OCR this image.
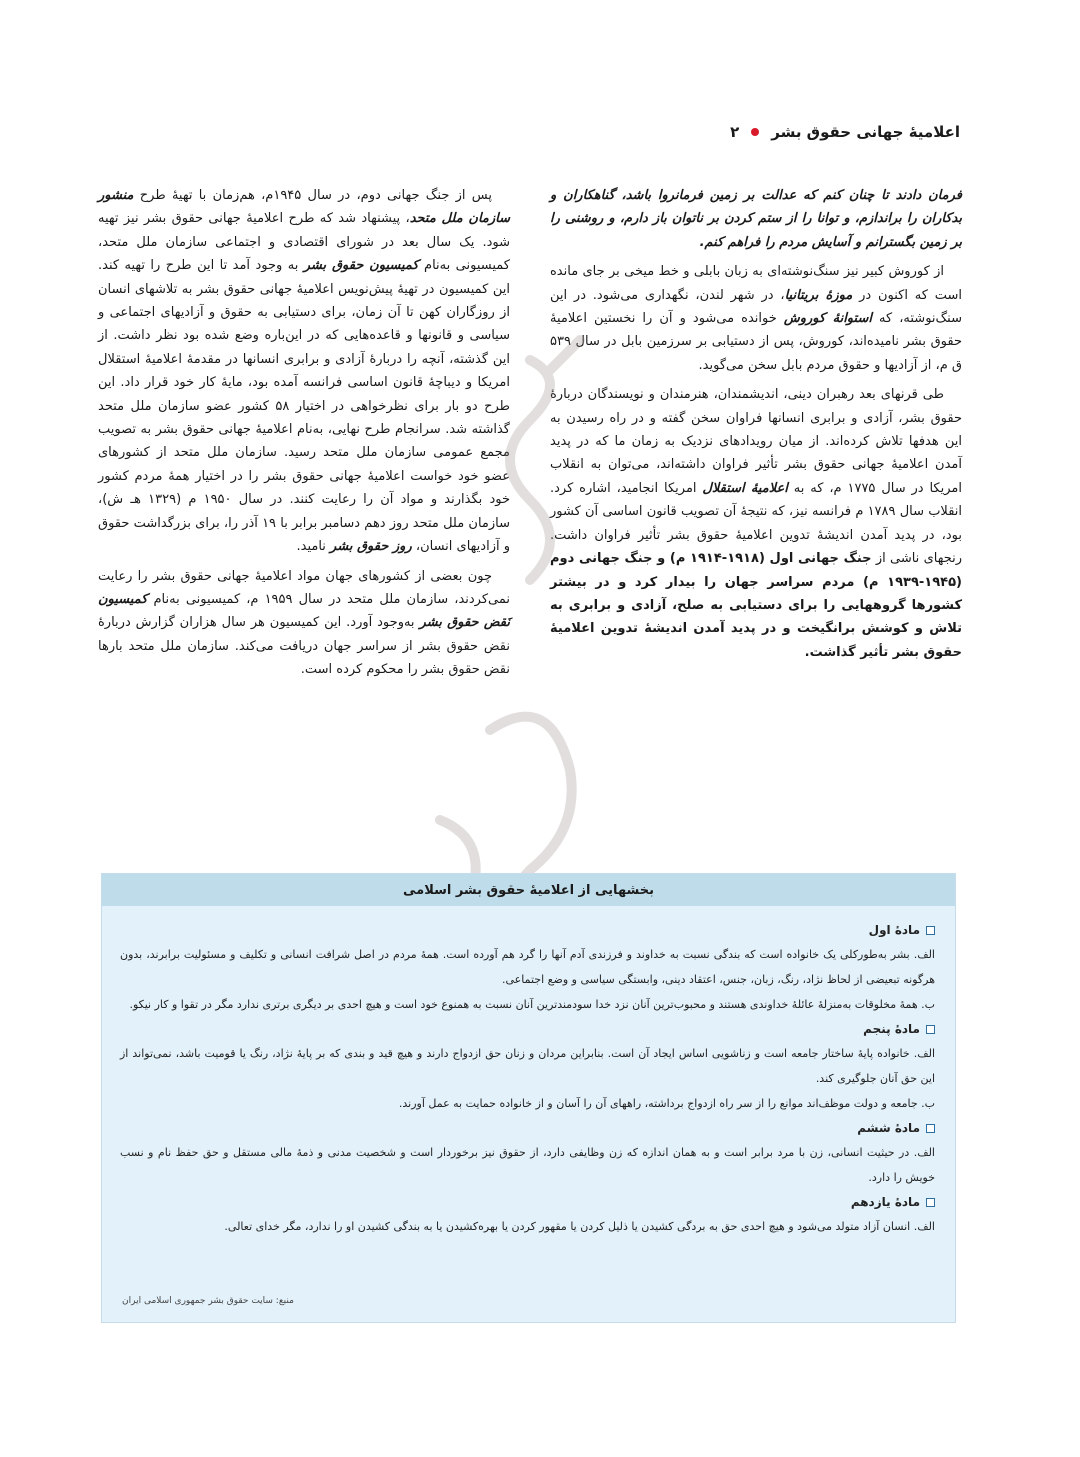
۲ اعلامیهٔ جهانی حقوق بشر

فرمان دادند تا چنان کنم که عدالت بر زمین فرمانروا باشد، گناهکاران و بدکاران را براندازم، و توانا را از ستم کردن بر ناتوان باز دارم، و روشنی را بر زمین بگسترانم و آسایش مردم را فراهم کنم.

از کوروش کبیر نیز سنگ‌نوشته‌ای به زبان بابلی و خط میخی بر جای مانده است که اکنون در موزهٔ بریتانیا، در شهر لندن، نگهداری می‌شود. در این سنگ‌نوشته، که استوانهٔ کوروش خوانده می‌شود و آن را نخستین اعلامیهٔ حقوق بشر نامیده‌اند، کوروش، پس از دستیابی بر سرزمین بابل در سال ۵۳۹ ق م، از آزادیها و حقوق مردم بابل سخن می‌گوید.

طی قرنهای بعد رهبران دینی، اندیشمندان، هنرمندان و نویسندگان دربارهٔ حقوق بشر، آزادی و برابری انسانها فراوان سخن گفته و در راه رسیدن به این هدفها تلاش کرده‌اند. از میان رویدادهای نزدیک به زمان ما که در پدید آمدن اعلامیهٔ جهانی حقوق بشر تأثیر فراوان داشته‌اند، می‌توان به انقلاب امریکا در سال ۱۷۷۵ م، که به اعلامیهٔ استقلال امریکا انجامید، اشاره کرد. انقلاب سال ۱۷۸۹ م فرانسه نیز، که نتیجهٔ آن تصویب قانون اساسی آن کشور بود، در پدید آمدن اندیشهٔ تدوین اعلامیهٔ حقوق بشر تأثیر فراوان داشت. رنجهای ناشی از جنگ جهانی اول (۱۹۱۸-۱۹۱۴ م) و جنگ جهانی دوم (۱۹۴۵-۱۹۳۹ م) مردم سراسر جهان را بیدار کرد و در بیشتر کشورها گروههایی را برای دستیابی به صلح، آزادی و برابری به تلاش و کوشش برانگیخت و در پدید آمدن اندیشهٔ تدوین اعلامیهٔ حقوق بشر تأثیر گذاشت.

پس از جنگ جهانی دوم، در سال ۱۹۴۵م، هم‌زمان با تهیهٔ طرح منشور سازمان ملل متحد، پیشنهاد شد که طرح اعلامیهٔ جهانی حقوق بشر نیز تهیه شود. یک سال بعد در شورای اقتصادی و اجتماعی سازمان ملل متحد، کمیسیونی به‌نام کمیسیون حقوق بشر به وجود آمد تا این طرح را تهیه کند. این کمیسیون در تهیهٔ پیش‌نویس اعلامیهٔ جهانی حقوق بشر به تلاشهای انسان از روزگاران کهن تا آن زمان، برای دستیابی به حقوق و آزادیهای اجتماعی و سیاسی و قانونها و قاعده‌هایی که در این‌باره وضع شده بود نظر داشت. از این گذشته، آنچه را دربارهٔ آزادی و برابری انسانها در مقدمهٔ اعلامیهٔ استقلال امریکا و دیباچهٔ قانون اساسی فرانسه آمده بود، مایهٔ کار خود قرار داد. این طرح دو بار برای نظرخواهی در اختیار ۵۸ کشور عضو سازمان ملل متحد گذاشته شد. سرانجام طرح نهایی، به‌نام اعلامیهٔ جهانی حقوق بشر به تصویب مجمع عمومی سازمان ملل متحد رسید. سازمان ملل متحد از کشورهای عضو خود خواست اعلامیهٔ جهانی حقوق بشر را در اختیار همهٔ مردم کشور خود بگذارند و مواد آن را رعایت کنند. در سال ۱۹۵۰ م (۱۳۲۹ هـ ش)، سازمان ملل متحد روز دهم دسامبر برابر با ۱۹ آذر را، برای بزرگداشت حقوق و آزادیهای انسان، روز حقوق بشر نامید.

چون بعضی از کشورهای جهان مواد اعلامیهٔ جهانی حقوق بشر را رعایت نمی‌کردند، سازمان ملل متحد در سال ۱۹۵۹ م، کمیسیونی به‌نام کمیسیون نَقض حقوق بشر به‌وجود آورد. این کمیسیون هر سال هزاران گزارش دربارهٔ نقض حقوق بشر از سراسر جهان دریافت می‌کند. سازمان ملل متحد بارها نقض حقوق بشر را محکوم کرده است.

بخشهایی از اعلامیهٔ حقوق بشر اسلامی
مادهٔ اول

الف. بشر به‌طورکلی یک خانواده است که بندگی نسبت به خداوند و فرزندی آدم آنها را گرد هم آورده است. همهٔ مردم در اصل شرافت انسانی و تکلیف و مسئولیت برابرند، بدون هرگونه تبعیضی از لحاظ نژاد، رنگ، زبان، جنس، اعتقاد دینی، وابستگی سیاسی و وضع اجتماعی.

ب. همهٔ مخلوقات به‌منزلهٔ عائلهٔ خداوندی هستند و محبوب‌ترین آنان نزد خدا سودمندترین آنان نسبت به همنوع خود است و هیچ احدی بر دیگری برتری ندارد مگر در تقوا و کار نیکو.

مادهٔ پنجم

الف. خانواده پایهٔ ساختار جامعه است و زناشویی اساس ایجاد آن است. بنابراین مردان و زنان حق ازدواج دارند و هیچ قید و بندی که بر پایهٔ نژاد، رنگ یا قومیت باشد، نمی‌تواند از این حق آنان جلوگیری کند.

ب. جامعه و دولت موظف‌اند موانع را از سر راه ازدواج برداشته، راههای آن را آسان و از خانواده حمایت به عمل آورند.

مادهٔ ششم

الف. در حیثیت انسانی، زن با مرد برابر است و به همان اندازه که زن وظایفی دارد، از حقوق نیز برخوردار است و شخصیت مدنی و ذمهٔ مالی مستقل و حق حفظ نام و نسب خویش را دارد.

مادهٔ یازدهم

الف. انسان آزاد متولد می‌شود و هیچ احدی حق به بردگی کشیدن یا ذلیل کردن یا مقهور کردن یا بهره‌کشیدن یا به بندگی کشیدن او را ندارد، مگر خدای تعالی.

منبع: سایت حقوق بشر جمهوری اسلامی ایران
